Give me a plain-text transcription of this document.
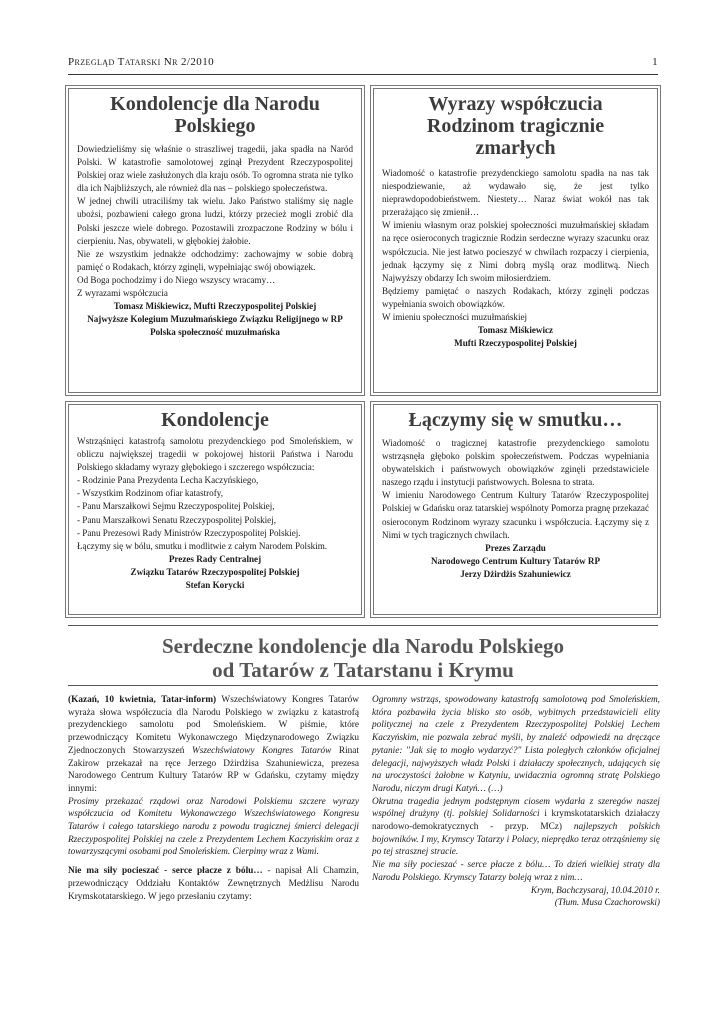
Przegląd Tatarski Nr 2/2010	1
Kondolencje dla Narodu Polskiego

Dowiedzieliśmy się właśnie o straszliwej tragedii, jaka spadła na Naród Polski. W katastrofie samolotowej zginął Prezydent Rzeczypospolitej Polskiej oraz wiele zasłużonych dla kraju osób. To ogromna strata nie tylko dla ich Najbliższych, ale również dla nas – polskiego społeczeństwa.

W jednej chwili utraciliśmy tak wielu. Jako Państwo staliśmy się nagle ubożsi, pozbawieni całego grona ludzi, którzy przecież mogli zrobić dla Polski jeszcze wiele dobrego. Pozostawili zrozpaczone Rodziny w bólu i cierpieniu. Nas, obywateli, w głębokiej żałobie.

Nie ze wszystkim jednakże odchodzimy: zachowajmy w sobie dobrą pamięć o Rodakach, którzy zginęli, wypełniając swój obowiązek.

Od Boga pochodzimy i do Niego wszyscy wracamy…

Z wyrazami współczucia

Tomasz Miśkiewicz, Mufti Rzeczypospolitej Polskiej

Najwyższe Kolegium Muzułmańskiego Związku Religijnego w RP

Polska społeczność muzułmańska

Wyrazy współczucia Rodzinom tragicznie zmarłych

Wiadomość o katastrofie prezydenckiego samolotu spadła na nas tak niespodziewanie, aż wydawało się, że jest tylko nieprawdopodobieństwem. Niestety… Naraz świat wokół nas tak przerażająco się zmienił…

W imieniu własnym oraz polskiej społeczności muzułmańskiej składam na ręce osieroconych tragicznie Rodzin serdeczne wyrazy szacunku oraz współczucia. Nie jest łatwo pocieszyć w chwilach rozpaczy i cierpienia, jednak łączymy się z Nimi dobrą myślą oraz modlitwą. Niech Najwyższy obdarzy Ich swoim miłosierdziem.

Będziemy pamiętać o naszych Rodakach, którzy zginęli podczas wypełniania swoich obowiązków.

W imieniu społeczności muzułmańskiej

Tomasz Miśkiewicz

Mufti Rzeczypospolitej Polskiej

Kondolencje

Wstrząśnięci katastrofą samolotu prezydenckiego pod Smoleńskiem, w obliczu największej tragedii w pokojowej historii Państwa i Narodu Polskiego składamy wyrazy głębokiego i szczerego współczucia:

- Rodzinie Pana Prezydenta Lecha Kaczyńskiego,

- Wszystkim Rodzinom ofiar katastrofy,

- Panu Marszałkowi Sejmu Rzeczypospolitej Polskiej,

- Panu Marszałkowi Senatu Rzeczypospolitej Polskiej,

- Panu Prezesowi Rady Ministrów Rzeczypospolitej Polskiej.

Łączymy się w bólu, smutku i modlitwie z całym Narodem Polskim.

Prezes Rady Centralnej

Związku Tatarów Rzeczypospolitej Polskiej

Stefan Korycki

Łączymy się w smutku…

Wiadomość o tragicznej katastrofie prezydenckiego samolotu wstrząsnęła głęboko polskim społeczeństwem. Podczas wypełniania obywatelskich i państwowych obowiązków zginęli przedstawiciele naszego rządu i instytucji państwowych. Bolesna to strata.

W imieniu Narodowego Centrum Kultury Tatarów Rzeczypospolitej Polskiej w Gdańsku oraz tatarskiej wspólnoty Pomorza pragnę przekazać osieroconym Rodzinom wyrazy szacunku i współczucia. Łączymy się z Nimi w tych tragicznych chwilach.

Prezes Zarządu

Narodowego Centrum Kultury Tatarów RP

Jerzy Dżirdżis Szahuniewicz

Serdeczne kondolencje dla Narodu Polskiego
od Tatarów z Tatarstanu i Krymu

(Kazań, 10 kwietnia, Tatar-inform) Wszechświatowy Kongres Tatarów wyraża słowa współczucia dla Narodu Polskiego w związku z katastrofą prezydenckiego samolotu pod Smoleńskiem. W piśmie, które przewodniczący Komitetu Wykonawczego Międzynarodowego Związku Zjednoczonych Stowarzyszeń Wszechświatowy Kongres Tatarów Rinat Zakirow przekazał na ręce Jerzego Dżirdżisa Szahuniewicza, prezesa Narodowego Centrum Kultury Tatarów RP w Gdańsku, czytamy między innymi:

Prosimy przekazać rządowi oraz Narodowi Polskiemu szczere wyrazy współczucia od Komitetu Wykonawczego Wszechświatowego Kongresu Tatarów i całego tatarskiego narodu z powodu tragicznej śmierci delegacji Rzeczypospolitej Polskiej na czele z Prezydentem Lechem Kaczyńskim oraz z towarzyszącymi osobami pod Smoleńskiem. Cierpimy wraz z Wami.

Nie ma siły pocieszać - serce płacze z bólu… - napisał Ali Chamzin, przewodniczący Oddziału Kontaktów Zewnętrznych Medżlisu Narodu Krymskotatarskiego. W jego przesłaniu czytamy:

Ogromny wstrząs, spowodowany katastrofą samolotową pod Smoleńskiem, która pozbawiła życia blisko sto osób, wybitnych przedstawicieli elity politycznej na czele z Prezydentem Rzeczypospolitej Polskiej Lechem Kaczyńskim, nie pozwala zebrać myśli, by znaleźć odpowiedź na dręczące pytanie: "Jak się to mogło wydarzyć?" Lista poległych członków oficjalnej delegacji, najwyższych władz Polski i działaczy społecznych, udających się na uroczystości żałobne w Katyniu, uwidacznia ogromną stratę Polskiego Narodu, niczym drugi Katyń… (…)

Okrutna tragedia jednym podstępnym ciosem wydarła z szeregów naszej wspólnej drużyny (tj. polskiej Solidarności i krymskotatarskich działaczy narodowo-demokratycznych - przyp. MCz) najlepszych polskich bojowników. I my, Krymscy Tatarzy i Polacy, nieprędko teraz otrząśniemy się po tej strasznej stracie.

Nie ma siły pocieszać - serce płacze z bólu… To dzień wielkiej straty dla Narodu Polskiego. Krymscy Tatarzy boleją wraz z nim…

Krym, Bachczysaraj, 10.04.2010 r.

(Tłum. Musa Czachorowski)
